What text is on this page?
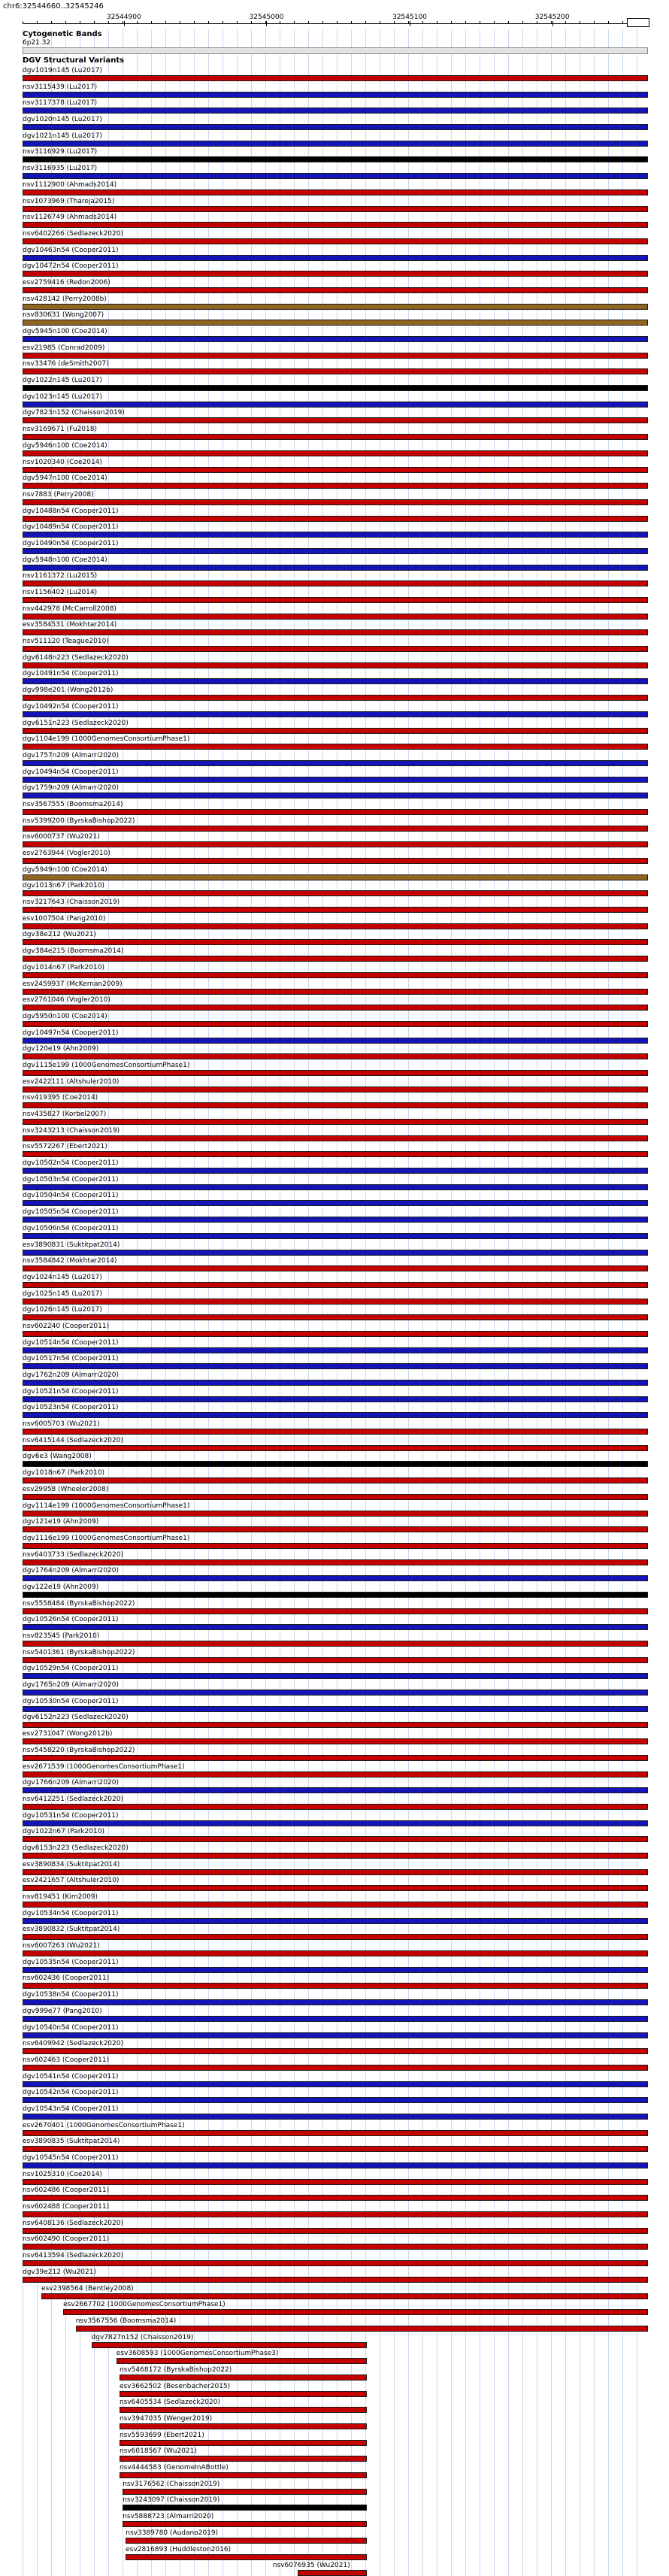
chr6:32544660..32545246
32544900	32545000	32545100	32545200
Cytogenetic Bands
6p21.32
DGV Structural Variants
dgv1019n145 (Lu2017)
nsv3115439 (Lu2017)
nsv3117378 (Lu2017)
dgv1020n145 (Lu2017)
dgv1021n145 (Lu2017)
nsv3116929 (Lu2017)
nsv3116935 (Lu2017)
nsv1112900 (Ahmads2014)
nsv1073969 (Thareja2015)
nsv1126749 (Ahmads2014)
nsv6402266 (Sedlazeck2020)
dgv10463n54 (Cooper2011)
dgv10472n54 (Cooper2011)
esv2759416 (Redon2006)
nsv428142 (Perry2008b)
nsv830631 (Wong2007)
dgv5945n100 (Coe2014)
esv21985 (Conrad2009)
nsv33476 (deSmith2007)
dgv1022n145 (Lu2017)
dgv1023n145 (Lu2017)
dgv7823n152 (Chaisson2019)
nsv3169671 (Fu2018)
dgv5946n100 (Coe2014)
nsv1020340 (Coe2014)
dgv5947n100 (Coe2014)
nsv7883 (Perry2008)
dgv10488n54 (Cooper2011)
dgv10489n54 (Cooper2011)
dgv10490n54 (Cooper2011)
dgv5948n100 (Coe2014)
nsv1161372 (Lu2015)
nsv1156402 (Lu2014)
nsv442978 (McCarroll2008)
esv3584531 (Mokhtar2014)
nsv511120 (Teague2010)
dgv6148n223 (Sedlazeck2020)
dgv10491n54 (Cooper2011)
dgv998e201 (Wong2012b)
dgv10492n54 (Cooper2011)
dgv6151n223 (Sedlazeck2020)
dgv1104e199 (1000GenomesConsortiumPhase1)
dgv1757n209 (Almarri2020)
dgv10494n54 (Cooper2011)
dgv1759n209 (Almarri2020)
nsv3567555 (Boomsma2014)
nsv5399200 (ByrskaBishop2022)
nsv6000737 (Wu2021)
esv2763944 (Vogler2010)
dgv5949n100 (Coe2014)
dgv1013n67 (Park2010)
nsv3217643 (Chaisson2019)
esv1007504 (Pang2010)
dgv38e212 (Wu2021)
dgv384e215 (Boomsma2014)
dgv1014n67 (Park2010)
esv2459937 (McKernan2009)
esv2761046 (Vogler2010)
dgv5950n100 (Coe2014)
dgv10497n54 (Cooper2011)
dgv120e19 (Ahn2009)
dgv1115e199 (1000GenomesConsortiumPhase1)
esv2422111 (Altshuler2010)
nsv419395 (Coe2014)
nsv435827 (Korbel2007)
nsv3243213 (Chaisson2019)
nsv5572267 (Ebert2021)
dgv10502n54 (Cooper2011)
dgv10503n54 (Cooper2011)
dgv10504n54 (Cooper2011)
dgv10505n54 (Cooper2011)
dgv10506n54 (Cooper2011)
esv3890831 (Suktitpat2014)
nsv3584842 (Mokhtar2014)
dgv1024n145 (Lu2017)
dgv1025n145 (Lu2017)
dgv1026n145 (Lu2017)
nsv602240 (Cooper2011)
dgv10514n54 (Cooper2011)
dgv10517n54 (Cooper2011)
dgv1762n209 (Almarri2020)
dgv10521n54 (Cooper2011)
dgv10523n54 (Cooper2011)
nsv6005703 (Wu2021)
nsv6415144 (Sedlazeck2020)
dgv6e3 (Wang2008)
dgv1018n67 (Park2010)
esv29958 (Wheeler2008)
dgv1114e199 (1000GenomesConsortiumPhase1)
dgv121e19 (Ahn2009)
dgv1116e199 (1000GenomesConsortiumPhase1)
nsv6403733 (Sedlazeck2020)
dgv1764n209 (Almarri2020)
dgv122e19 (Ahn2009)
nsv5558484 (ByrskaBishop2022)
dgv10526n54 (Cooper2011)
nsv823545 (Park2010)
nsv5401361 (ByrskaBishop2022)
dgv10529n54 (Cooper2011)
dgv1765n209 (Almarri2020)
dgv10530n54 (Cooper2011)
dgv6152n223 (Sedlazeck2020)
esv2731047 (Wong2012b)
nsv5458220 (ByrskaBishop2022)
esv2671539 (1000GenomesConsortiumPhase1)
dgv1766n209 (Almarri2020)
nsv6412251 (Sedlazeck2020)
dgv10531n54 (Cooper2011)
dgv1022n67 (Park2010)
dgv6153n223 (Sedlazeck2020)
esv3890834 (Suktitpat2014)
esv2421657 (Altshuler2010)
nsv819451 (Kim2009)
dgv10534n54 (Cooper2011)
esv3890832 (Suktitpat2014)
nsv6007263 (Wu2021)
dgv10535n54 (Cooper2011)
nsv602436 (Cooper2011)
dgv10538n54 (Cooper2011)
dgv999e77 (Pang2010)
dgv10540n54 (Cooper2011)
nsv6409942 (Sedlazeck2020)
nsv602463 (Cooper2011)
dgv10541n54 (Cooper2011)
dgv10542n54 (Cooper2011)
dgv10543n54 (Cooper2011)
esv2670401 (1000GenomesConsortiumPhase1)
esv3890835 (Suktitpat2014)
dgv10545n54 (Cooper2011)
nsv1025310 (Coe2014)
nsv602486 (Cooper2011)
nsv602488 (Cooper2011)
nsv6408136 (Sedlazeck2020)
nsv602490 (Cooper2011)
nsv6413594 (Sedlazeck2020)
dgv39e212 (Wu2021)
esv2398564 (Bentley2008)
esv2667702 (1000GenomesConsortiumPhase1)
nsv3567556 (Boomsma2014)
dgv7827n152 (Chaisson2019)
esv3608593 (1000GenomesConsortiumPhase3)
nsv5468172 (ByrskaBishop2022)
esv3662502 (Besenbacher2015)
nsv6405534 (Sedlazeck2020)
nsv3947035 (Wenger2019)
nsv5593699 (Ebert2021)
nsv6018567 (Wu2021)
nsv4444583 (GenomeInABottle)
nsv3176562 (Chaisson2019)
nsv3243097 (Chaisson2019)
nsv5888723 (Almarri2020)
nsv3389780 (Audano2019)
esv2816893 (Huddleston2016)
nsv6076935 (Wu2021)
